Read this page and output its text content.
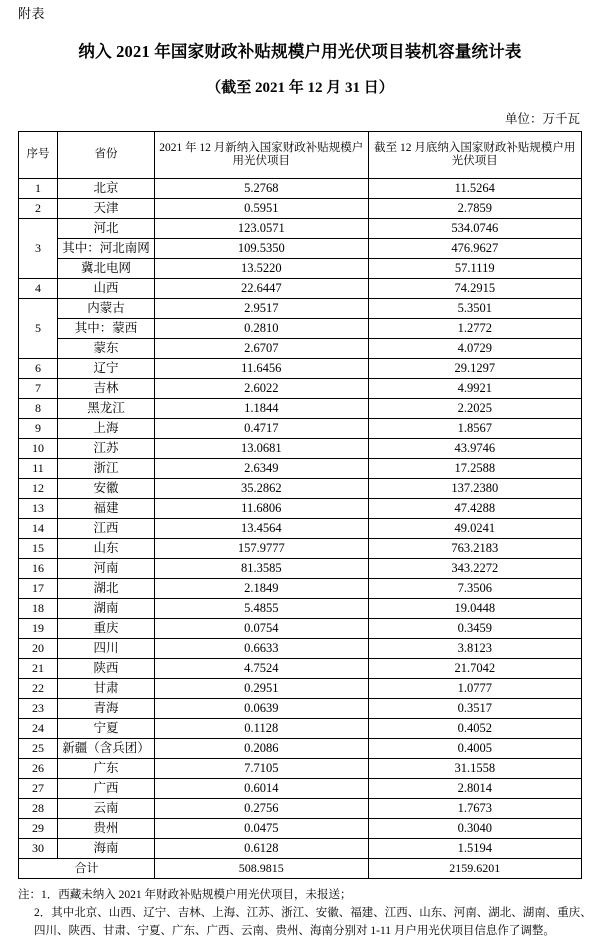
附表
纳入 2021 年国家财政补贴规模户用光伏项目装机容量统计表
（截至 2021 年 12 月 31 日）
单位：万千瓦
序号	省份	2021 年 12 月新纳入国家财政补贴规模户用光伏项目	截至 12 月底纳入国家财政补贴规模户用光伏项目
1	北京	5.2768	11.5264
2	天津	0.5951	2.7859
3	河北	123.0571	534.0746
	其中：河北南网	109.5350	476.9627
	冀北电网	13.5220	57.1119
4	山西	22.6447	74.2915
5	内蒙古	2.9517	5.3501
	其中：蒙西	0.2810	1.2772
	蒙东	2.6707	4.0729
6	辽宁	11.6456	29.1297
7	吉林	2.6022	4.9921
8	黑龙江	1.1844	2.2025
9	上海	0.4717	1.8567
10	江苏	13.0681	43.9746
11	浙江	2.6349	17.2588
12	安徽	35.2862	137.2380
13	福建	11.6806	47.4288
14	江西	13.4564	49.0241
15	山东	157.9777	763.2183
16	河南	81.3585	343.2272
17	湖北	2.1849	7.3506
18	湖南	5.4855	19.0448
19	重庆	0.0754	0.3459
20	四川	0.6633	3.8123
21	陕西	4.7524	21.7042
22	甘肃	0.2951	1.0777
23	青海	0.0639	0.3517
24	宁夏	0.1128	0.4052
25	新疆（含兵团）	0.2086	0.4005
26	广东	7.7105	31.1558
27	广西	0.6014	2.8014
28	云南	0.2756	1.7673
29	贵州	0.0475	0.3040
30	海南	0.6128	1.5194
合计		508.9815	2159.6201
注：1．西藏未纳入 2021 年财政补贴规模户用光伏项目，未报送；
2．其中北京、山西、辽宁、吉林、上海、江苏、浙江、安徽、福建、江西、山东、河南、湖北、湖南、重庆、
四川、陕西、甘肃、宁夏、广东、广西、云南、贵州、海南分别对 1-11 月户用光伏项目信息作了调整。
